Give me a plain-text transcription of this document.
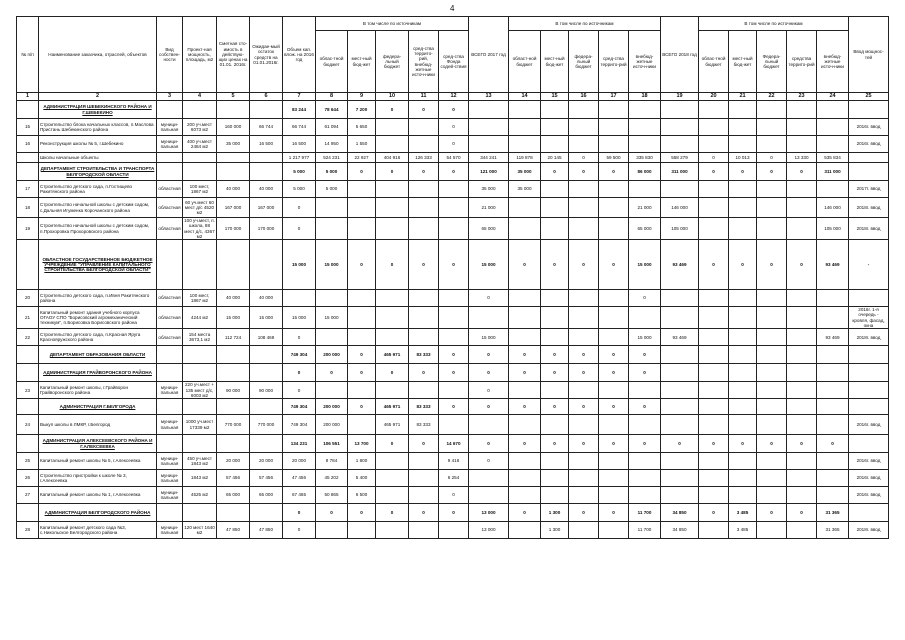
4
№ п/п	Наименование заказчика, отраслей, объектов	Вид собствен-ности	Проект-ная мощность, площадь, м2	Сметная сто-имость в действую-щих ценах на 01.01. 2016г.	Ожидае-мый остаток средств на 01.01.2016г.	Объем кап. влож. на 2016 год	В том числе по источникам					ВСЕГО 2017 год	В том числе по источникам					ВСЕГО 2018 год	В том числе по источникам					Ввод мощнос-тей
							облас-тной бюджет	мест-ный бюд-жет	федера-льный бюджет	сред-ства террито-рий, внебюд-жетные источ-ники	сред-ства Фонда содей-ствия		област-ной бюджет	мест-ный бюд-жет	федера-льный бюджет	сред-ства террито-рий	внебюд-жетные источ-ники		облас-тной бюджет	мест-ный бюд-жет	Федера-льный бюджет	средства террито-рий	внебюд-жетные источ-ники	
1	2	3	4	5	6	7	8	9	10	11	12	13	14	15	16	17	18	19	20	21	22	23	24	25
	АДМИНИСТРАЦИЯ ШЕБЕКИНСКОГО РАЙОНА И Г.ШЕБЕКИНО					83 244	78 644	7 200	0	0	0													
15	Строительство блока начальных классов, п.Масловa Пристань Шебекинского района	муници-пальная	200 уч.мест 6073 м2	160 000	66 744	66 744	61 094	5 650			0													2016г. ввод
16	Реконструкция школы № 5, г.Шебекино	муници-пальная	400 уч.мест 2484 м2	35 000	16 500	16 500	14 950	1 550			0													2016г. ввод
	Школы начальные объекты					1 217 977	524 231	22 927	404 916	126 333	54 570	344 241	119 878	20 145	0	59 500	335 830	558 279	0	10 013	0	13 330	535 834	
	ДЕПАРТАМЕНТ СТРОИТЕЛЬСТВА И ТРАНСПОРТА БЕЛГОРОДСКОЙ ОБЛАСТИ					5 000	5 000	0	0	0	0	121 000	35 000	0	0	0	86 000	311 000	0	0	0	0	311 000	
17	Строительство детского сада, п.Гостищево Ракитянского района	областная	100 мест, 1867 м2	40 000	40 000	5 000	5 000					35 000	35 000											2017г. ввод
18	Строительство начальной школы с детским садом, с.Дальняя Игуменка Корочанского района	областная	60 уч.мест 60 мест д/с 4520 м2	167 000	167 000	0						21 000					21 000	146 000					146 000	2018г. ввод
19	Строительство начальной школы с детским садом, п.Прохоровка Прохоровского района	областная	100 уч.мест, п. школа, 88 мест д/с, 4367 м2	170 000	170 000	0						65 000					65 000	105 000					105 000	2018г. ввод
	ОБЛАСТНОЕ ГОСУДАРСТВЕННОЕ БЮДЖЕТНОЕ УЧРЕЖДЕНИЕ "УПРАВЛЕНИЕ КАПИТАЛЬНОГО СТРОИТЕЛЬСТВА БЕЛГОРОДСКОЙ ОБЛАСТИ"					15 000	15 000	0	0	0	0	15 000	0	0	0	0	15 000	93 469	0	0	0	0	93 469	-
20	Строительство детского сада, п.Ивня Ракитянского района	областная	100 мест, 1867 м2	40 000	40 000							0					0							
21	Капитальный ремонт здания учебного корпуса ОГАОУ СПО "Борисовский агромеханический техникум", п.Борисовка Борисовского района	областная	4244 м2	15 000	15 000	15 000	15 000																	2016г. 1-я очередь - кровля, фасад, окна
22	Строительство детского сада, п.Красная Яруга Краснояружского района	областная	154 места 3673,1 м2	112 724	108 469	0						15 000					15 000	93 469					93 469	2018г. ввод
	ДЕПАРТАМЕНТ ОБРАЗОВАНИЯ ОБЛАСТИ					749 304	200 000	0	465 971	83 333	0	0	0	0	0	0	0							
	АДМИНИСТРАЦИЯ ГРАЙВОРОНСКОГО РАЙОНА					0	0	0	0	0	0	0	0	0	0	0	0							
23	Капитальный ремонт школы, г.Грайворон Грайворонского района	муници-пальная	220 уч.мест + 135 мест д/с, 6003 м2	90 000	90 000	0						0												
	АДМИНИСТРАЦИЯ Г.БЕЛГОРОДА					749 304	200 000	0	465 971	83 333	0	0	0	0	0	0	0							
24	Выкуп школы в ЛМКР, г.Белгород	муници-пальная	1000 уч.мест 17339 м2	770 000	770 000	749 304	200 000		465 971	83 333														2016г. ввод
	АДМИНИСТРАЦИЯ АЛЕКСЕЕВСКОГО РАЙОНА И Г.АЛЕКСЕЕВКА					134 231	106 551	13 700	0	0	14 670	0	0	0	0	0	0	0	0	0	0	0	0	
25	Капитальный ремонт школы № 5, г.Алексеевка	муници-пальная	450 уч.мест 1843 м2	20 000	20 000	20 000	8 784	1 800			9 416	0												2016г. ввод
26	Строительство пристройки к школе № 3, г.Алексеевка	муници-пальная	1843 м2	57 456	57 456	47 456	45 202	5 400			6 254													2016г. ввод
27	Капитальный ремонт школы № 1, г.Алексеевка	муници-пальная	4525 м2	65 000	65 000	67 465	50 865	6 500			0													2016г. ввод
	АДМИНИСТРАЦИЯ БЕЛГОРОДСКОГО РАЙОНА					0	0	0	0	0	0	13 000	0	1 300	0	0	11 700	34 850	0	3 485	0	0	31 365	
28	Капитальный ремонт детского сада №3, с.Никольское Белгородского района	муници-пальная	120 мест 1640 м2	47 850	47 850	0						13 000		1 300			11 700	34 850		3 485			31 365	2018г. ввод
